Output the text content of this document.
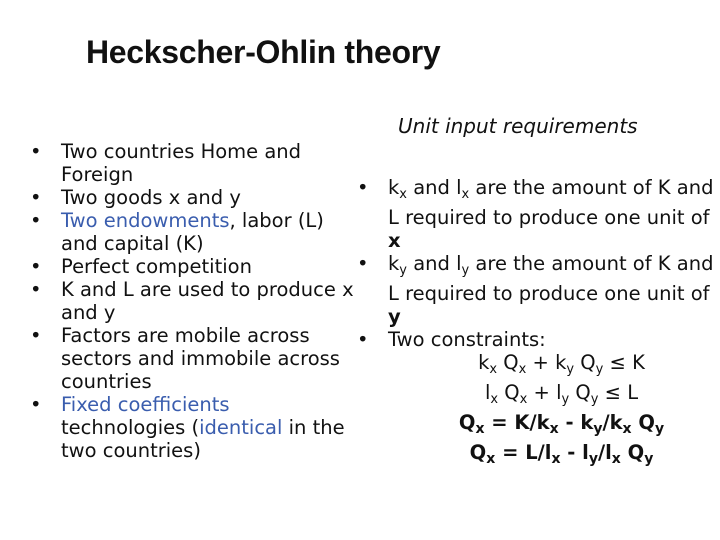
Heckscher-Ohlin theory
Unit input requirements
• Two countries Home and Foreign
• Two goods x and y
• Two endowments, labor (L) and capital (K)
• Perfect competition
• K and L are used to produce x and y
• Factors are mobile across sectors and immobile across countries
• Fixed coefficients technologies (identical in the two countries)
• $k_x$ and $l_x$ are the amount of K and L required to produce one unit of x
• $k_y$ and $l_y$ are the amount of K and L required to produce one unit of y
• Two constraints:
$k_x$ $Q_x + k_y$ $Q_y \le K$
$l_x$ $Q_x + l_y$ $Q_y \le L$
$Q_x = K/k_x - k_y/k_x$ $Q_y$
$Q_x = L/l_x - l_y/l_x$ $Q_y$
